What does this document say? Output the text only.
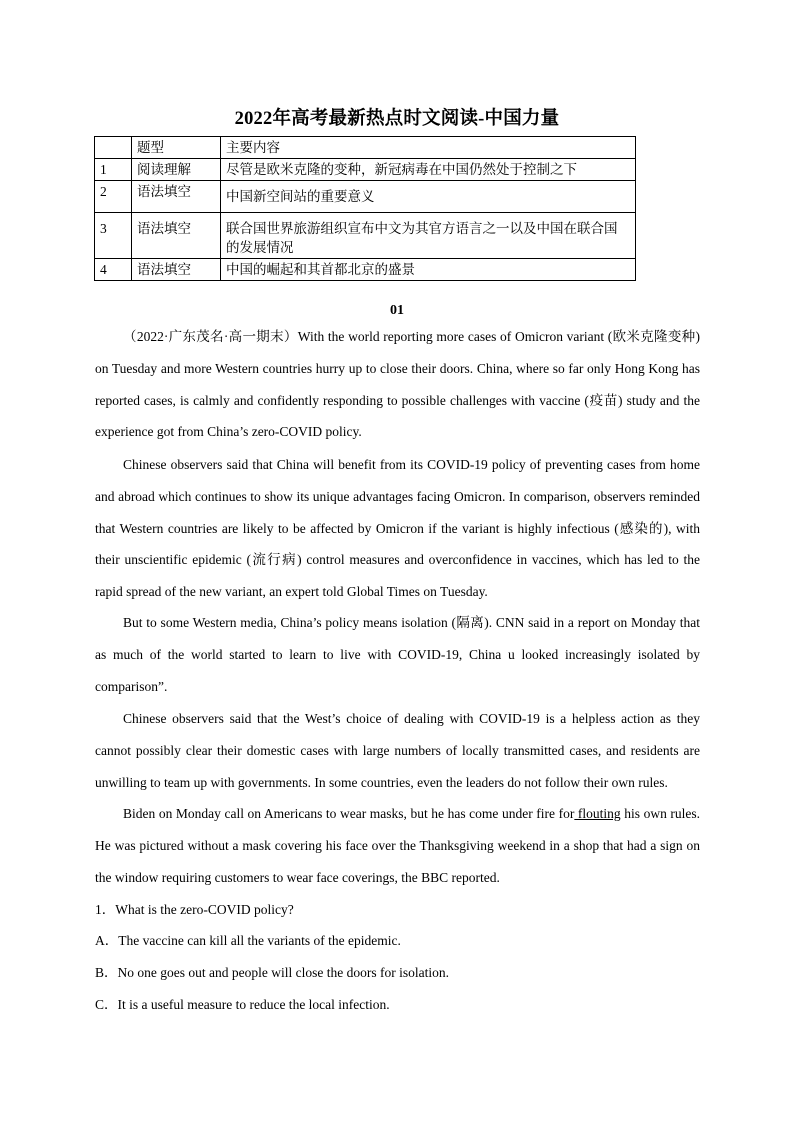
2022年高考最新热点时文阅读-中国力量
	题型	主要内容
1	阅读理解	尽管是欧米克隆的变种，新冠病毒在中国仍然处于控制之下
2	语法填空	中国新空间站的重要意义
3	语法填空	联合国世界旅游组织宣布中文为其官方语言之一以及中国在联合国的发展情况
4	语法填空	中国的崛起和其首都北京的盛景
01

（2022·广东茂名·高一期末）With the world reporting more cases of Omicron variant (欧米克隆变种) on Tuesday and more Western countries hurry up to close their doors. China, where so far only Hong Kong has reported cases, is calmly and confidently responding to possible challenges with vaccine (疫苗) study and the experience got from China’s zero-COVID policy.

Chinese observers said that China will benefit from its COVID-19 policy of preventing cases from home and abroad which continues to show its unique advantages facing Omicron. In comparison, observers reminded that Western countries are likely to be affected by Omicron if the variant is highly infectious (感染的), with their unscientific epidemic (流行病) control measures and overconfidence in vaccines, which has led to the rapid spread of the new variant, an expert told Global Times on Tuesday.

But to some Western media, China’s policy means isolation (隔离). CNN said in a report on Monday that as much of the world started to learn to live with COVID-19, China u looked increasingly isolated by comparison”.

Chinese observers said that the West’s choice of dealing with COVID-19 is a helpless action as they cannot possibly clear their domestic cases with large numbers of locally transmitted cases, and residents are unwilling to team up with governments. In some countries, even the leaders do not follow their own rules.

Biden on Monday call on Americans to wear masks, but he has come under fire for flouting his own rules. He was pictured without a mask covering his face over the Thanksgiving weekend in a shop that had a sign on the window requiring customers to wear face coverings, the BBC reported.

1．What is the zero-COVID policy?

A．The vaccine can kill all the variants of the epidemic.

B．No one goes out and people will close the doors for isolation.

C．It is a useful measure to reduce the local infection.
